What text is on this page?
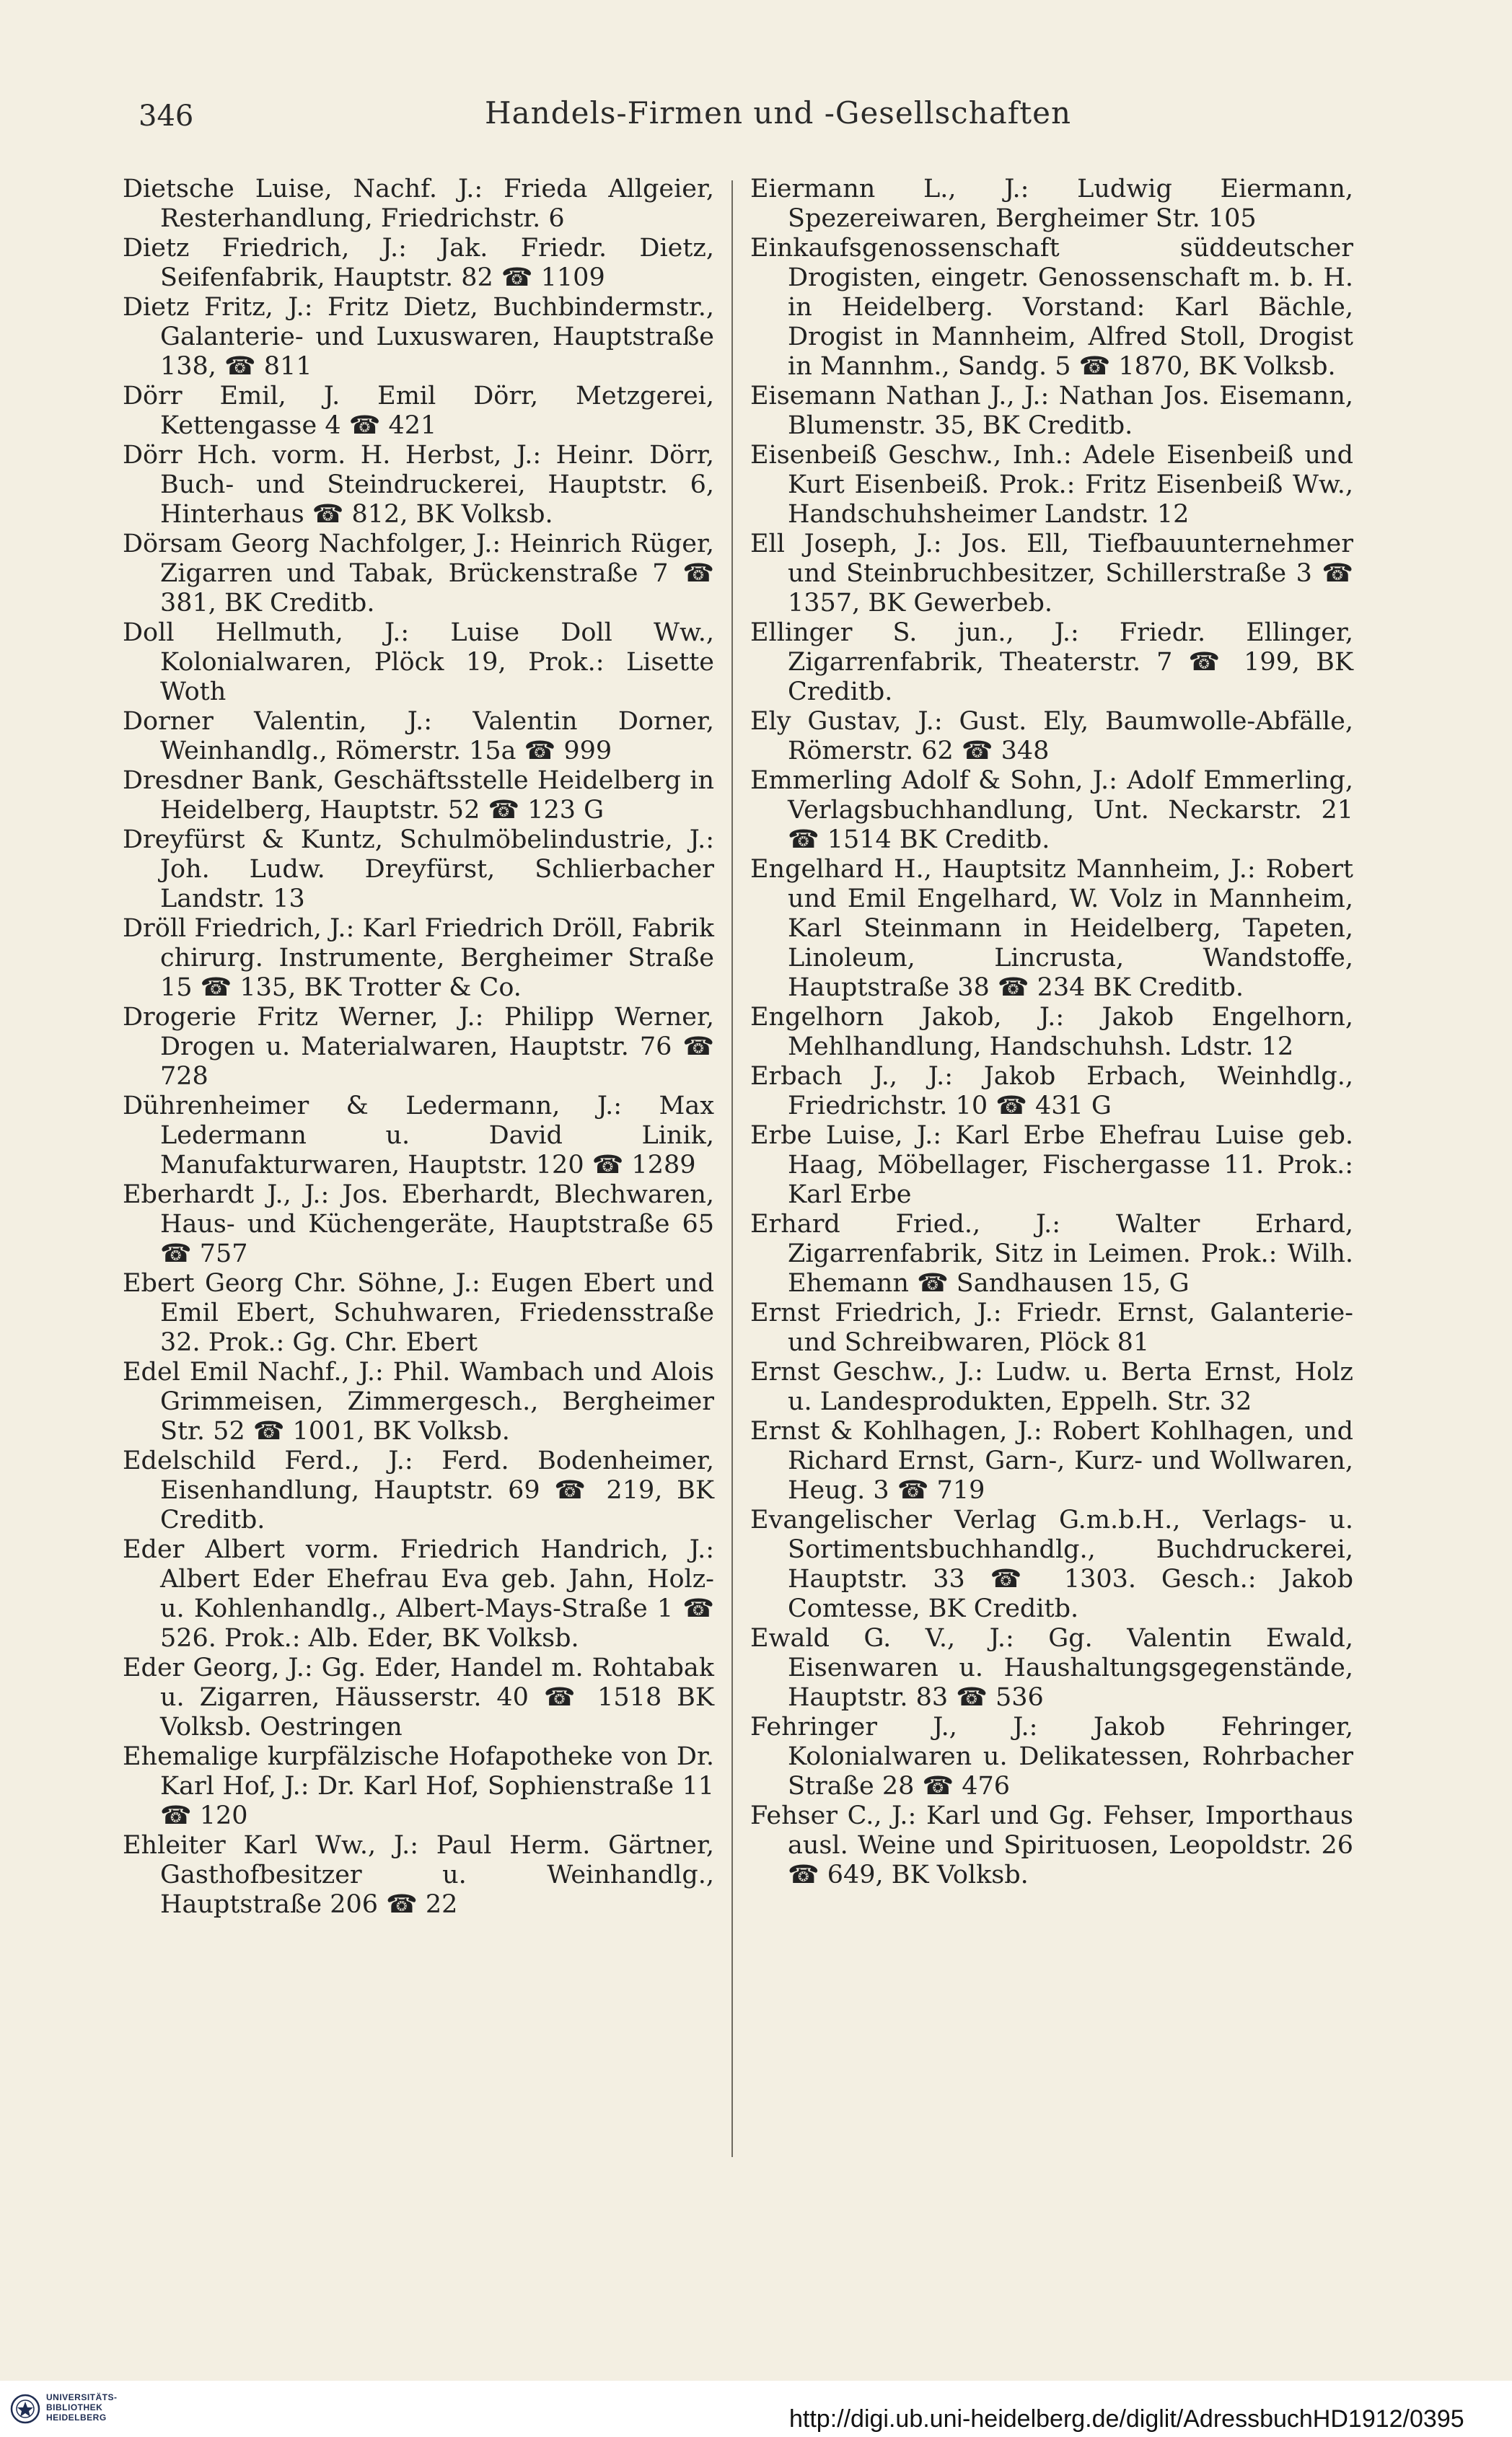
346	Handels-Firmen und -Gesellschaften

Dietsche Luise, Nachf. J.: Frieda Allgeier, Resterhandlung, Friedrichstr. 6

Dietz Friedrich, J.: Jak. Friedr. Dietz, Seifenfabrik, Hauptstr. 82 ☎ 1109

Dietz Fritz, J.: Fritz Dietz, Buchbindermstr., Galanterie- und Luxuswaren, Hauptstraße 138, ☎ 811

Dörr Emil, J. Emil Dörr, Metzgerei, Kettengasse 4 ☎ 421

Dörr Hch. vorm. H. Herbst, J.: Heinr. Dörr, Buch- und Steindruckerei, Hauptstr. 6, Hinterhaus ☎ 812, BK Volksb.

Dörsam Georg Nachfolger, J.: Heinrich Rüger, Zigarren und Tabak, Brückenstraße 7 ☎ 381, BK Creditb.

Doll Hellmuth, J.: Luise Doll Ww., Kolonialwaren, Plöck 19, Prok.: Lisette Woth

Dorner Valentin, J.: Valentin Dorner, Weinhandlg., Römerstr. 15a ☎ 999

Dresdner Bank, Geschäftsstelle Heidelberg in Heidelberg, Hauptstr. 52 ☎ 123 G

Dreyfürst & Kuntz, Schulmöbelindustrie, J.: Joh. Ludw. Dreyfürst, Schlierbacher Landstr. 13

Dröll Friedrich, J.: Karl Friedrich Dröll, Fabrik chirurg. Instrumente, Bergheimer Straße 15 ☎ 135, BK Trotter & Co.

Drogerie Fritz Werner, J.: Philipp Werner, Drogen u. Materialwaren, Hauptstr. 76 ☎ 728

Dührenheimer & Ledermann, J.: Max Ledermann u. David Linik, Manufakturwaren, Hauptstr. 120 ☎ 1289

Eberhardt J., J.: Jos. Eberhardt, Blechwaren, Haus- und Küchengeräte, Hauptstraße 65 ☎ 757

Ebert Georg Chr. Söhne, J.: Eugen Ebert und Emil Ebert, Schuhwaren, Friedensstraße 32. Prok.: Gg. Chr. Ebert

Edel Emil Nachf., J.: Phil. Wambach und Alois Grimmeisen, Zimmergesch., Bergheimer Str. 52 ☎ 1001, BK Volksb.

Edelschild Ferd., J.: Ferd. Bodenheimer, Eisenhandlung, Hauptstr. 69 ☎ 219, BK Creditb.

Eder Albert vorm. Friedrich Handrich, J.: Albert Eder Ehefrau Eva geb. Jahn, Holz- u. Kohlenhandlg., Albert-Mays-Straße 1 ☎ 526. Prok.: Alb. Eder, BK Volksb.

Eder Georg, J.: Gg. Eder, Handel m. Rohtabak u. Zigarren, Häusserstr. 40 ☎ 1518 BK Volksb. Oestringen

Ehemalige kurpfälzische Hofapotheke von Dr. Karl Hof, J.: Dr. Karl Hof, Sophienstraße 11 ☎ 120

Ehleiter Karl Ww., J.: Paul Herm. Gärtner, Gasthofbesitzer u. Weinhandlg., Hauptstraße 206 ☎ 22

Eiermann L., J.: Ludwig Eiermann, Spezereiwaren, Bergheimer Str. 105

Einkaufsgenossenschaft süddeutscher Drogisten, eingetr. Genossenschaft m. b. H. in Heidelberg. Vorstand: Karl Bächle, Drogist in Mannheim, Alfred Stoll, Drogist in Mannhm., Sandg. 5 ☎ 1870, BK Volksb.

Eisemann Nathan J., J.: Nathan Jos. Eisemann, Blumenstr. 35, BK Creditb.

Eisenbeiß Geschw., Inh.: Adele Eisenbeiß und Kurt Eisenbeiß. Prok.: Fritz Eisenbeiß Ww., Handschuhsheimer Landstr. 12

Ell Joseph, J.: Jos. Ell, Tiefbauunternehmer und Steinbruchbesitzer, Schillerstraße 3 ☎ 1357, BK Gewerbeb.

Ellinger S. jun., J.: Friedr. Ellinger, Zigarrenfabrik, Theaterstr. 7 ☎ 199, BK Creditb.

Ely Gustav, J.: Gust. Ely, Baumwolle-Abfälle, Römerstr. 62 ☎ 348

Emmerling Adolf & Sohn, J.: Adolf Emmerling, Verlagsbuchhandlung, Unt. Neckarstr. 21 ☎ 1514 BK Creditb.

Engelhard H., Hauptsitz Mannheim, J.: Robert und Emil Engelhard, W. Volz in Mannheim, Karl Steinmann in Heidelberg, Tapeten, Linoleum, Lincrusta, Wandstoffe, Hauptstraße 38 ☎ 234 BK Creditb.

Engelhorn Jakob, J.: Jakob Engelhorn, Mehlhandlung, Handschuhsh. Ldstr. 12

Erbach J., J.: Jakob Erbach, Weinhdlg., Friedrichstr. 10 ☎ 431 G

Erbe Luise, J.: Karl Erbe Ehefrau Luise geb. Haag, Möbellager, Fischergasse 11. Prok.: Karl Erbe

Erhard Fried., J.: Walter Erhard, Zigarrenfabrik, Sitz in Leimen. Prok.: Wilh. Ehemann ☎ Sandhausen 15, G

Ernst Friedrich, J.: Friedr. Ernst, Galanterie- und Schreibwaren, Plöck 81

Ernst Geschw., J.: Ludw. u. Berta Ernst, Holz u. Landesprodukten, Eppelh. Str. 32

Ernst & Kohlhagen, J.: Robert Kohlhagen, und Richard Ernst, Garn-, Kurz- und Wollwaren, Heug. 3 ☎ 719

Evangelischer Verlag G.m.b.H., Verlags- u. Sortimentsbuchhandlg., Buchdruckerei, Hauptstr. 33 ☎ 1303. Gesch.: Jakob Comtesse, BK Creditb.

Ewald G. V., J.: Gg. Valentin Ewald, Eisenwaren u. Haushaltungsgegenstände, Hauptstr. 83 ☎ 536

Fehringer J., J.: Jakob Fehringer, Kolonialwaren u. Delikatessen, Rohrbacher Straße 28 ☎ 476

Fehser C., J.: Karl und Gg. Fehser, Importhaus ausl. Weine und Spirituosen, Leopoldstr. 26 ☎ 649, BK Volksb.

UNIVERSITÄTS-
BIBLIOTHEK
HEIDELBERG	http://digi.ub.uni-heidelberg.de/diglit/AdressbuchHD1912/0395
